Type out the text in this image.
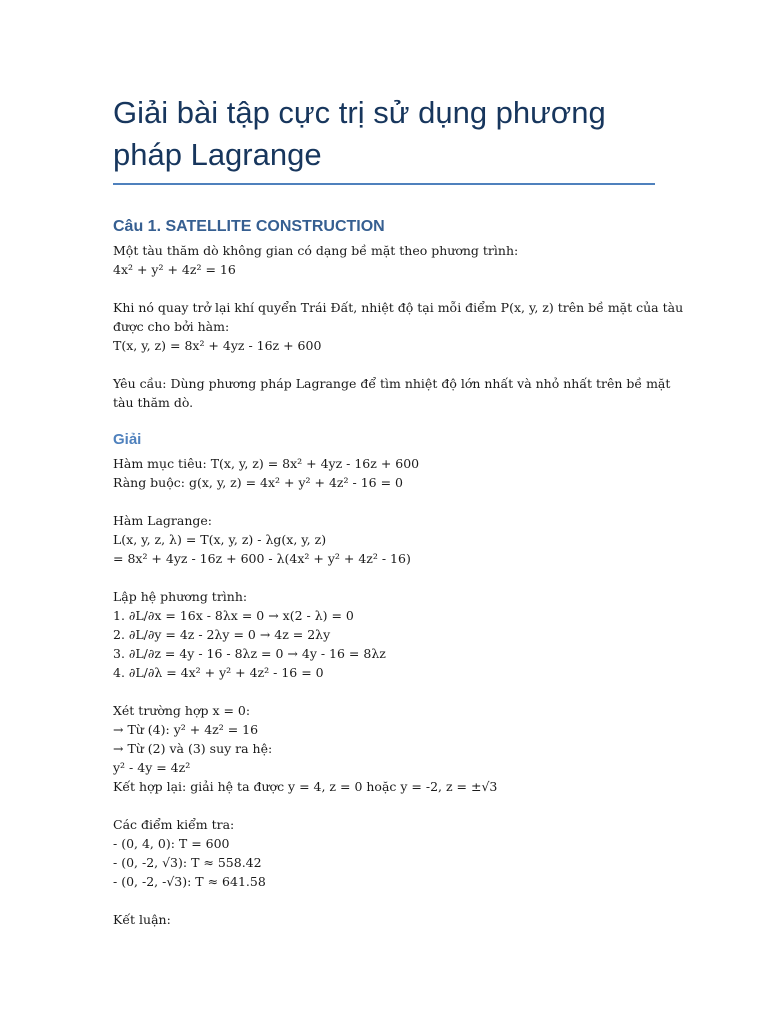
Giải bài tập cực trị sử dụng phương
pháp Lagrange
Câu 1. SATELLITE CONSTRUCTION
Một tàu thăm dò không gian có dạng bề mặt theo phương trình:
4x² + y² + 4z² = 16
Khi nó quay trở lại khí quyển Trái Đất, nhiệt độ tại mỗi điểm P(x, y, z) trên bề mặt của tàu
được cho bởi hàm:
T(x, y, z) = 8x² + 4yz - 16z + 600
Yêu cầu: Dùng phương pháp Lagrange để tìm nhiệt độ lớn nhất và nhỏ nhất trên bề mặt
tàu thăm dò.
Giải
Hàm mục tiêu: T(x, y, z) = 8x² + 4yz - 16z + 600
Ràng buộc: g(x, y, z) = 4x² + y² + 4z² - 16 = 0
Hàm Lagrange:
L(x, y, z, λ) = T(x, y, z) - λg(x, y, z)
= 8x² + 4yz - 16z + 600 - λ(4x² + y² + 4z² - 16)
Lập hệ phương trình:
1. ∂L/∂x = 16x - 8λx = 0 → x(2 - λ) = 0
2. ∂L/∂y = 4z - 2λy = 0 → 4z = 2λy
3. ∂L/∂z = 4y - 16 - 8λz = 0 → 4y - 16 = 8λz
4. ∂L/∂λ = 4x² + y² + 4z² - 16 = 0
Xét trường hợp x = 0:
→ Từ (4): y² + 4z² = 16
→ Từ (2) và (3) suy ra hệ:
y² - 4y = 4z²
Kết hợp lại: giải hệ ta được y = 4, z = 0 hoặc y = -2, z = ±√3
Các điểm kiểm tra:
- (0, 4, 0): T = 600
- (0, -2, √3): T ≈ 558.42
- (0, -2, -√3): T ≈ 641.58
Kết luận:
